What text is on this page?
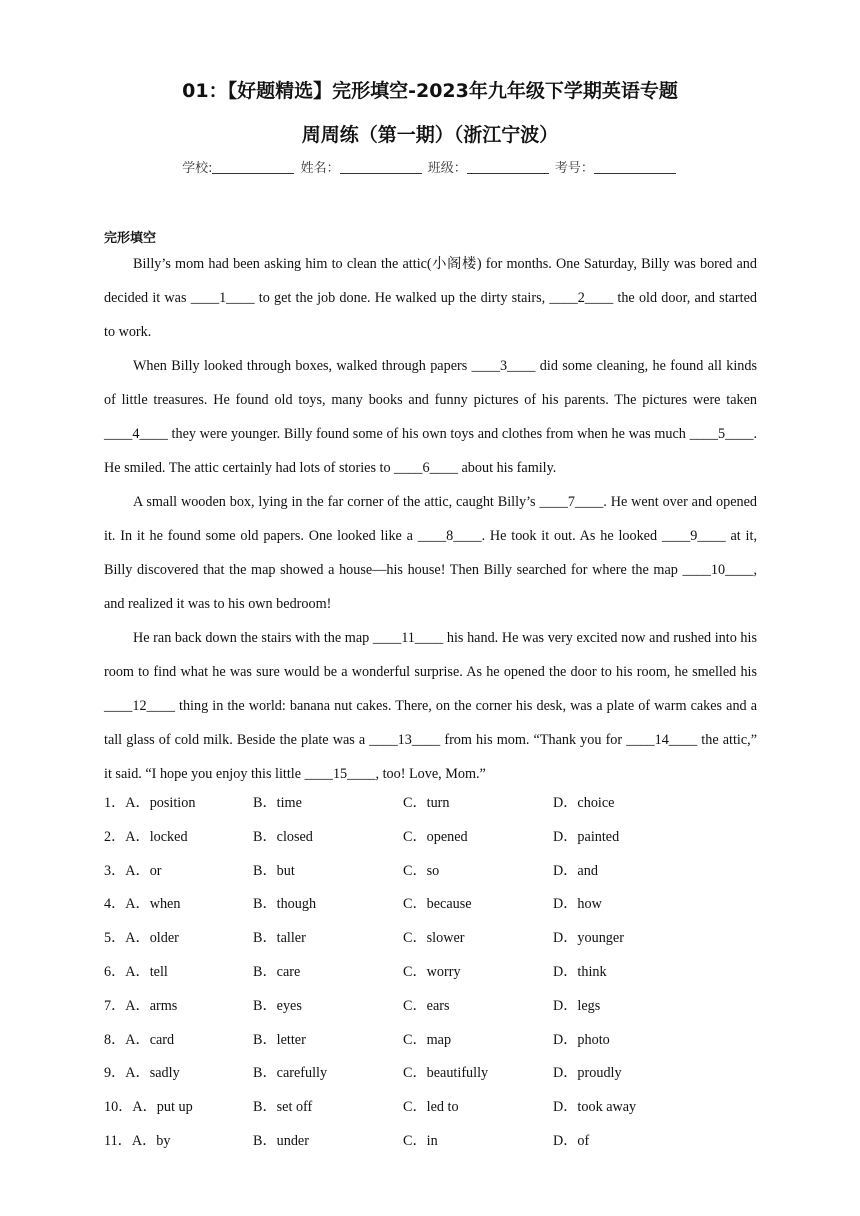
01：【好题精选】完形填空-2023年九年级下学期英语专题
周周练（第一期）（浙江宁波）
学校:	姓名：	班级：	考号：
完形填空

Billy’s mom had been asking him to clean the attic(小阁楼) for months. One Saturday, Billy was bored and decided it was ____1____ to get the job done. He walked up the dirty stairs, ____2____ the old door, and started to work.

When Billy looked through boxes, walked through papers ____3____ did some cleaning, he found all kinds of little treasures. He found old toys, many books and funny pictures of his parents. The pictures were taken ____4____ they were younger. Billy found some of his own toys and clothes from when he was much ____5____. He smiled. The attic certainly had lots of stories to ____6____ about his family.

A small wooden box, lying in the far corner of the attic, caught Billy’s ____7____. He went over and opened it. In it he found some old papers. One looked like a ____8____. He took it out. As he looked ____9____ at it, Billy discovered that the map showed a house—his house! Then Billy searched for where the map ____10____, and realized it was to his own bedroom!

He ran back down the stairs with the map ____11____ his hand. He was very excited now and rushed into his room to find what he was sure would be a wonderful surprise. As he opened the door to his room, he smelled his ____12____ thing in the world: banana nut cakes. There, on the corner his desk, was a plate of warm cakes and a tall glass of cold milk. Beside the plate was a ____13____ from his mom. “Thank you for ____14____ the attic,” it said. “I hope you enjoy this little ____15____, too! Love, Mom.”

1．A．position	B．time	C．turn	D．choice
2．A．locked	B．closed	C．opened	D．painted
3．A．or	B．but	C．so	D．and
4．A．when	B．though	C．because	D．how
5．A．older	B．taller	C．slower	D．younger
6．A．tell	B．care	C．worry	D．think
7．A．arms	B．eyes	C．ears	D．legs
8．A．card	B．letter	C．map	D．photo
9．A．sadly	B．carefully	C．beautifully	D．proudly
10．A．put up	B．set off	C．led to	D．took away
11．A．by	B．under	C．in	D．of
